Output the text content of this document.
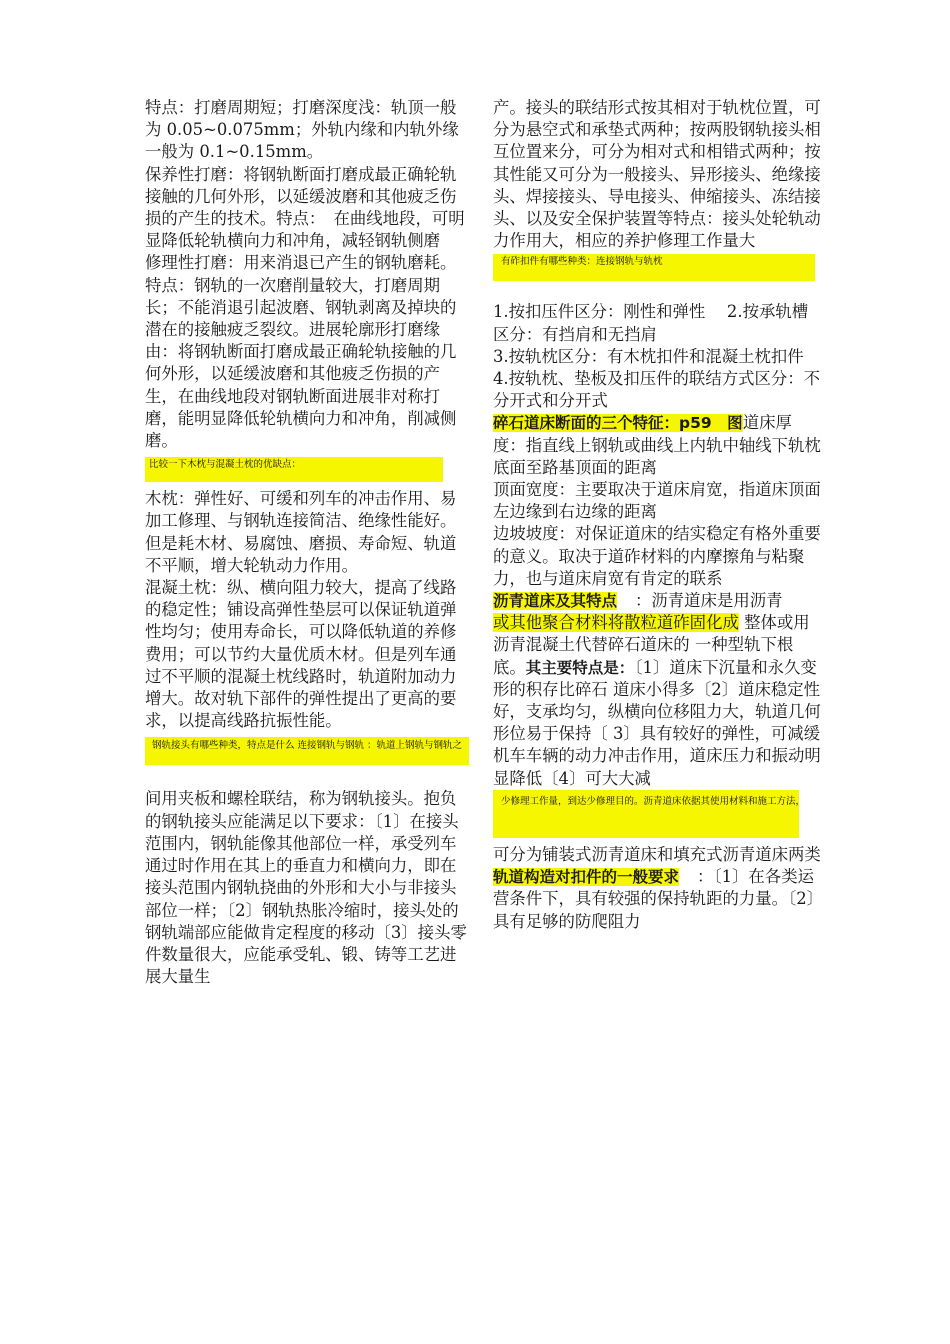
特点：打磨周期短；打磨深度浅：轨顶一般为 0.05~0.075mm；外轨内缘和内轨外缘一般为 0.1~0.15mm。

保养性打磨：将钢轨断面打磨成最正确轮轨接触的几何外形，以延缓波磨和其他疲乏伤损的产生的技术。特点：　在曲线地段，可明显降低轮轨横向力和冲角，减轻钢轨侧磨

修理性打磨：用来消退已产生的钢轨磨耗。特点：钢轨的一次磨削量较大，打磨周期长；不能消退引起波磨、钢轨剥离及掉块的潜在的接触疲乏裂纹。进展轮廓形打磨缘由：将钢轨断面打磨成最正确轮轨接触的几何外形，以延缓波磨和其他疲乏伤损的产生，在曲线地段对钢轨断面进展非对称打磨，能明显降低轮轨横向力和冲角，削减侧磨。

比较一下木枕与混凝土枕的优缺点：

木枕：弹性好、可缓和列车的冲击作用、易加工修理、与钢轨连接简洁、绝缘性能好。但是耗木材、易腐蚀、磨损、寿命短、轨道不平顺，增大轮轨动力作用。

混凝土枕：纵、横向阻力较大，提高了线路的稳定性；铺设高弹性垫层可以保证轨道弹性均匀；使用寿命长，可以降低轨道的养修费用；可以节约大量优质木材。但是列车通过不平顺的混凝土枕线路时，轨道附加动力增大。故对轨下部件的弹性提出了更高的要求，以提高线路抗振性能。

钢轨接头有哪些种类，特点是什么 连接钢轨与钢轨 ：轨道上钢轨与钢轨之

间用夹板和螺栓联结，称为钢轨接头。抱负的钢轨接头应能满足以下要求：〔1〕在接头范围内，钢轨能像其他部位一样，承受列车通过时作用在其上的垂直力和横向力，即在接头范围内钢轨挠曲的外形和大小与非接头部位一样；〔2〕钢轨热胀冷缩时，接头处的钢轨端部应能做肯定程度的移动〔3〕接头零件数量很大，应能承受轧、锻、铸等工艺进展大量生

产。接头的联结形式按其相对于轨枕位置，可分为悬空式和承垫式两种；按两股钢轨接头相互位置来分，可分为相对式和相错式两种；按其性能又可分为一般接头、异形接头、绝缘接头、焊接接头、导电接头、伸缩接头、冻结接头、以及安全保护装置等特点：接头处轮轨动力作用大，相应的养护修理工作量大

有砟扣件有哪些种类：连接钢轨与轨枕

1.按扣压件区分：刚性和弹性　 2.按承轨槽区分：有挡肩和无挡肩

3.按轨枕区分：有木枕扣件和混凝土枕扣件

4.按轨枕、垫板及扣压件的联结方式区分：不分开式和分开式

碎石道床断面的三个特征：p59　图道床厚度：指直线上钢轨或曲线上内轨中轴线下轨枕底面至路基顶面的距离

顶面宽度：主要取决于道床肩宽，指道床顶面左边缘到右边缘的距离

边坡坡度：对保证道床的结实稳定有格外重要的意义。取决于道砟材料的内摩擦角与粘聚力，也与道床肩宽有肯定的联系

沥青道床及其特点 ：沥青道床是用沥青
或其他聚合材料将散粒道砟固化成 整体或用沥青混凝土代替碎石道床的 一种型轨下根底。其主要特点是：〔1〕道床下沉量和永久变形的积存比碎石 道床小得多〔2〕道床稳定性好，支承均匀，纵横向位移阻力大，轨道几何 形位易于保持〔 3〕具有较好的弹性，可减缓机车车辆的动力冲击作用，道床压力和振动明显降低〔4〕可大大减

少修理工作量，到达少修理目的。沥青道床依据其使用材料和施工方法，

可分为铺装式沥青道床和填充式沥青道床两类

轨道构造对扣件的一般要求 ：〔1〕在各类运营条件下，具有较强的保持轨距的力量。〔2〕具有足够的防爬阻力
